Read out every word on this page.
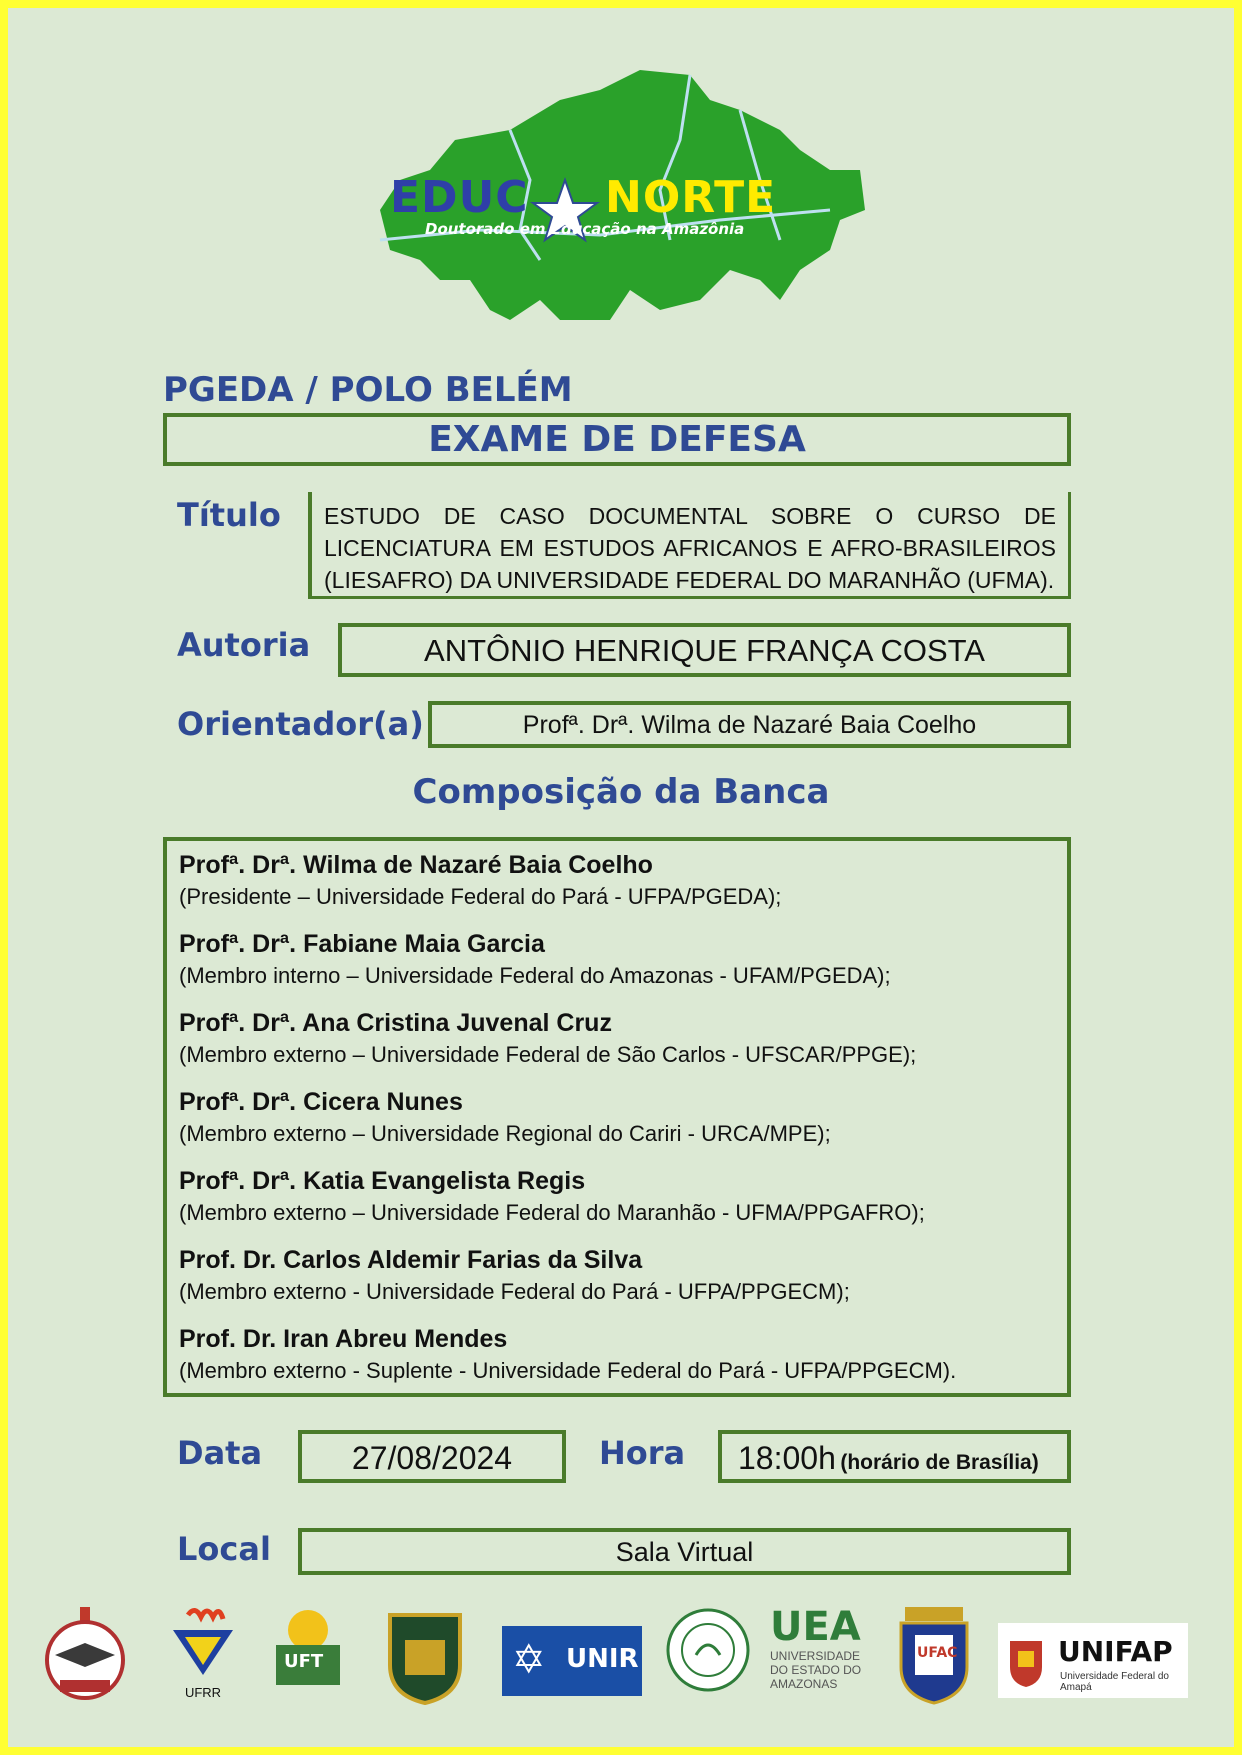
EDUC NORTE
Doutorado em Educação na Amazônia
PGEDA / POLO BELÉM
EXAME DE DEFESA
Título ESTUDO DE CASO DOCUMENTAL SOBRE O CURSO DE LICENCIATURA EM ESTUDOS AFRICANOS E AFRO-BRASILEIROS (LIESAFRO) DA UNIVERSIDADE FEDERAL DO MARANHÃO (UFMA).
Autoria	ANTÔNIO HENRIQUE FRANÇA COSTA
Orientador(a)	Profª. Drª. Wilma de Nazaré Baia Coelho
Composição da Banca
Profª. Drª. Wilma de Nazaré Baia Coelho
(Presidente – Universidade Federal do Pará - UFPA/PGEDA);
Profª. Drª. Fabiane Maia Garcia
(Membro interno – Universidade Federal do Amazonas - UFAM/PGEDA);
Profª. Drª. Ana Cristina Juvenal Cruz
(Membro externo – Universidade Federal de São Carlos - UFSCAR/PPGE);
Profª. Drª. Cicera Nunes
(Membro externo – Universidade Regional do Cariri - URCA/MPE);
Profª. Drª. Katia Evangelista Regis
(Membro externo – Universidade Federal do Maranhão - UFMA/PPGAFRO);
Prof. Dr. Carlos Aldemir Farias da Silva
(Membro externo - Universidade Federal do Pará - UFPA/PPGECM);
Prof. Dr. Iran Abreu Mendes
(Membro externo - Suplente - Universidade Federal do Pará - UFPA/PPGECM).
Data	27/08/2024	Hora	18:00h (horário de Brasília)
Local	Sala Virtual
UFRR
UFT	✡ UNIR
UEA
UNIVERSIDADE DO ESTADO DO AMAZONAS
UFAC	UNIFAP
Universidade Federal do Amapá
